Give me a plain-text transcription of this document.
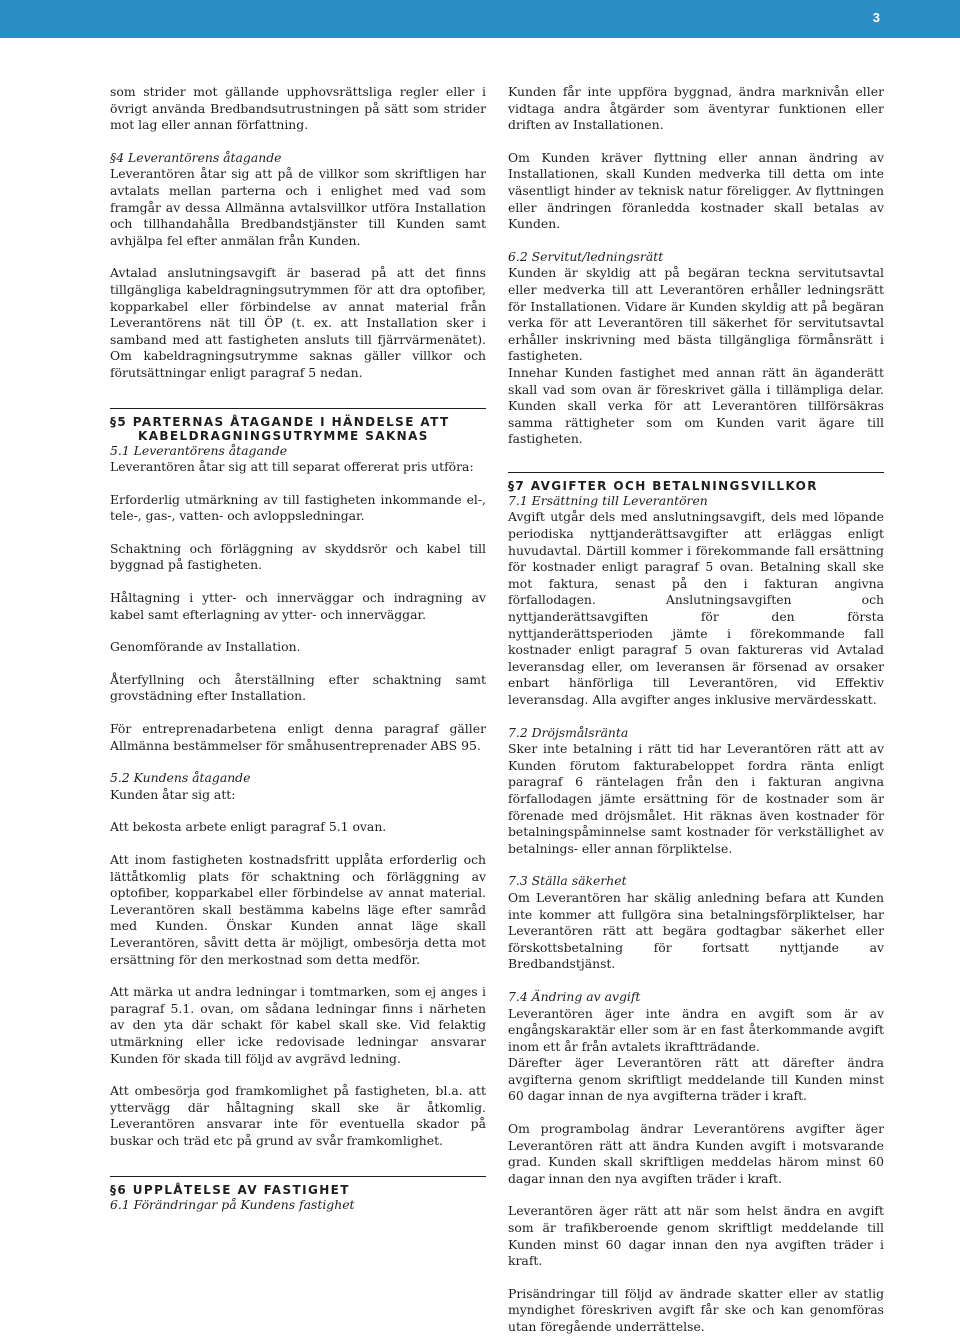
3

som strider mot gällande upphovsrättsliga regler eller i övrigt använda Bredbandsutrustningen på sätt som strider mot lag eller annan författning.

§4 Leverantörens åtagande

Leverantören åtar sig att på de villkor som skriftligen har avtalats mellan parterna och i enlighet med vad som framgår av dessa Allmänna avtalsvillkor utföra Installation och tillhandahålla Bredbandstjänster till Kunden samt avhjälpa fel efter anmälan från Kunden.

Avtalad anslutningsavgift är baserad på att det finns tillgängliga kabeldragningsutrymmen för att dra optofiber, kopparkabel eller förbindelse av annat material från Leverantörens nät till ÖP (t. ex. att Installation sker i samband med att fastigheten ansluts till fjärrvärmenätet). Om kabeldragningsutrymme saknas gäller villkor och förutsättningar enligt paragraf 5 nedan.

§5 PARTERNAS ÅTAGANDE I HÄNDELSE ATT
KABELDRAGNINGSUTRYMME SAKNAS

5.1 Leverantörens åtagande

Leverantören åtar sig att till separat offererat pris utföra:

Erforderlig utmärkning av till fastigheten inkommande el-, tele-, gas-, vatten- och avloppsledningar.

Schaktning och förläggning av skyddsrör och kabel till byggnad på fastigheten.

Håltagning i ytter- och innerväggar och indragning av kabel samt efterlagning av ytter- och innerväggar.

Genomförande av Installation.

Återfyllning och återställning efter schaktning samt grovstädning efter Installation.

För entreprenadarbetena enligt denna paragraf gäller Allmänna bestämmelser för småhusentreprenader ABS 95.

5.2 Kundens åtagande

Kunden åtar sig att:

Att bekosta arbete enligt paragraf 5.1 ovan.

Att inom fastigheten kostnadsfritt upplåta erforderlig och lättåtkomlig plats för schaktning och förläggning av optofiber, kopparkabel eller förbindelse av annat material. Leverantören skall bestämma kabelns läge efter samråd med Kunden. Önskar Kunden annat läge skall Leverantören, såvitt detta är möjligt, ombesörja detta mot ersättning för den merkostnad som detta medför.

Att märka ut andra ledningar i tomtmarken, som ej anges i paragraf 5.1. ovan, om sådana ledningar finns i närheten av den yta där schakt för kabel skall ske. Vid felaktig utmärkning eller icke redovisade ledningar ansvarar Kunden för skada till följd av avgrävd ledning.

Att ombesörja god framkomlighet på fastigheten, bl.a. att yttervägg där håltagning skall ske är åtkomlig. Leverantören ansvarar inte för eventuella skador på buskar och träd etc på grund av svår framkomlighet.

§6 UPPLÅTELSE AV FASTIGHET

6.1 Förändringar på Kundens fastighet

Kunden får inte uppföra byggnad, ändra marknivån eller vidtaga andra åtgärder som äventyrar funktionen eller driften av Installationen.

Om Kunden kräver flyttning eller annan ändring av Installationen, skall Kunden medverka till detta om inte väsentligt hinder av teknisk natur föreligger. Av flyttningen eller ändringen föranledda kostnader skall betalas av Kunden.

6.2 Servitut/ledningsrätt

Kunden är skyldig att på begäran teckna servitutsavtal eller medverka till att Leverantören erhåller ledningsrätt för Installationen. Vidare är Kunden skyldig att på begäran verka för att Leverantören till säkerhet för servitutsavtal erhåller inskrivning med bästa tillgängliga förmånsrätt i fastigheten.

Innehar Kunden fastighet med annan rätt än äganderätt skall vad som ovan är föreskrivet gälla i tillämpliga delar. Kunden skall verka för att Leverantören tillförsäkras samma rättigheter som om Kunden varit ägare till fastigheten.

§7 AVGIFTER OCH BETALNINGSVILLKOR

7.1 Ersättning till Leverantören

Avgift utgår dels med anslutningsavgift, dels med löpande periodiska nyttjanderättsavgifter att erläggas enligt huvudavtal. Därtill kommer i förekommande fall ersättning för kostnader enligt paragraf 5 ovan. Betalning skall ske mot faktura, senast på den i fakturan angivna förfallodagen. Anslutningsavgiften och nyttjanderättsavgiften för den första nyttjanderättsperioden jämte i förekommande fall kostnader enligt paragraf 5 ovan faktureras vid Avtalad leveransdag eller, om leveransen är försenad av orsaker enbart hänförliga till Leverantören, vid Effektiv leveransdag. Alla avgifter anges inklusive mervärdesskatt.

7.2 Dröjsmålsränta

Sker inte betalning i rätt tid har Leverantören rätt att av Kunden förutom fakturabeloppet fordra ränta enligt paragraf 6 räntelagen från den i fakturan angivna förfallodagen jämte ersättning för de kostnader som är förenade med dröjsmålet. Hit räknas även kostnader för betalningspåminnelse samt kostnader för verkställighet av betalnings- eller annan förpliktelse.

7.3 Ställa säkerhet

Om Leverantören har skälig anledning befara att Kunden inte kommer att fullgöra sina betalningsförpliktelser, har Leverantören rätt att begära godtagbar säkerhet eller förskottsbetalning för fortsatt nyttjande av Bredbandstjänst.

7.4 Ändring av avgift

Leverantören äger inte ändra en avgift som är av engångskaraktär eller som är en fast återkommande avgift inom ett år från avtalets ikraftträdande.

Därefter äger Leverantören rätt att därefter ändra avgifterna genom skriftligt meddelande till Kunden minst 60 dagar innan de nya avgifterna träder i kraft.

Om programbolag ändrar Leverantörens avgifter äger Leverantören rätt att ändra Kunden avgift i motsvarande grad. Kunden skall skriftligen meddelas härom minst 60 dagar innan den nya avgiften träder i kraft.

Leverantören äger rätt att när som helst ändra en avgift som är trafikberoende genom skriftligt meddelande till Kunden minst 60 dagar innan den nya avgiften träder i kraft.

Prisändringar till följd av ändrade skatter eller av statlig myndighet föreskriven avgift får ske och kan genomföras utan föregående underrättelse.
